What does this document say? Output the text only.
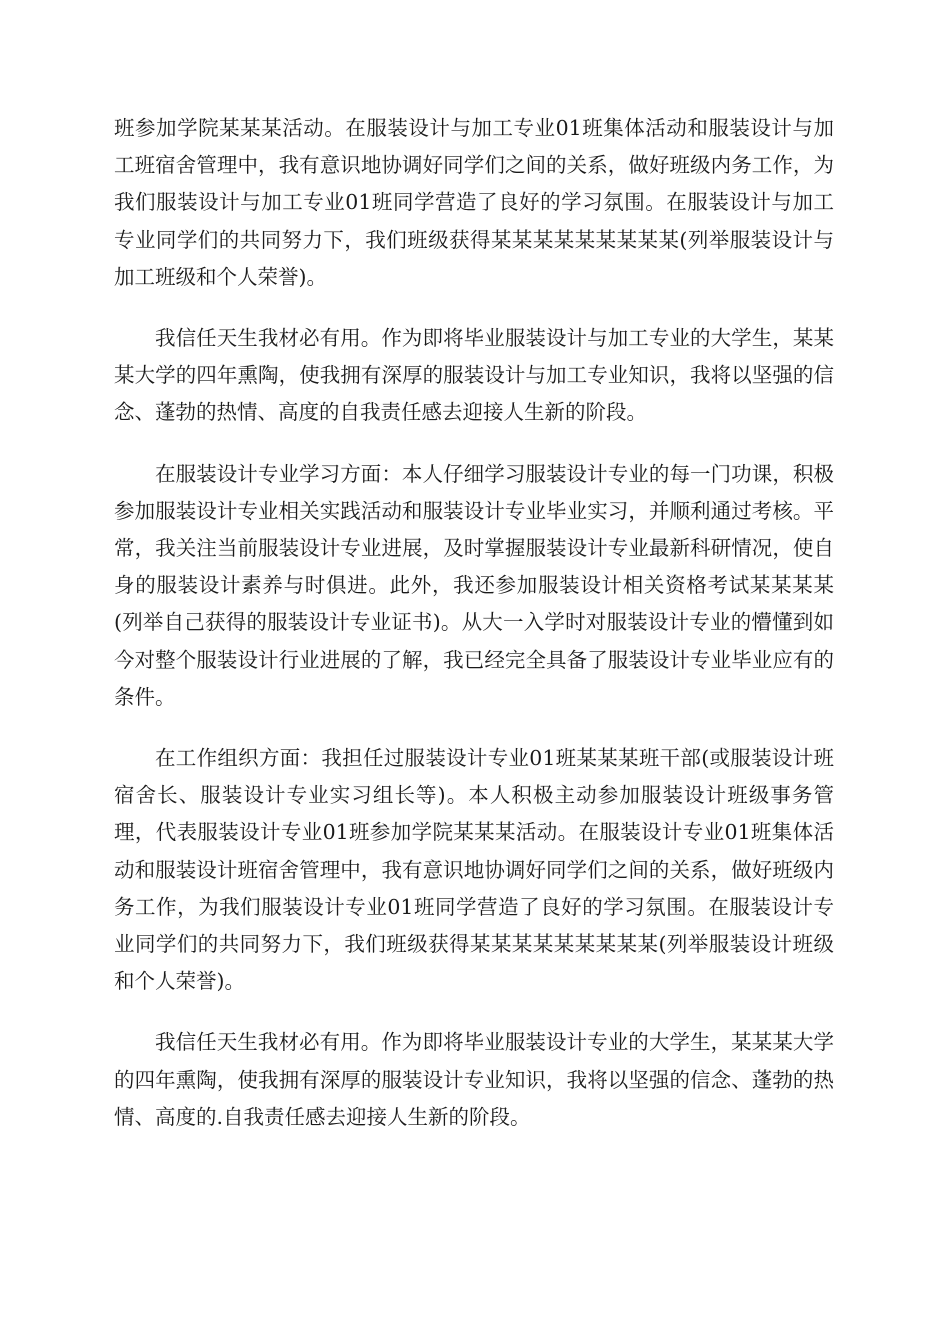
班参加学院某某某活动。在服装设计与加工专业01班集体活动和服装设计与加工班宿舍管理中，我有意识地协调好同学们之间的关系，做好班级内务工作，为我们服装设计与加工专业01班同学营造了良好的学习氛围。在服装设计与加工专业同学们的共同努力下，我们班级获得某某某某某某某某某(列举服装设计与加工班级和个人荣誉)。

我信任天生我材必有用。作为即将毕业服装设计与加工专业的大学生，某某某大学的四年熏陶，使我拥有深厚的服装设计与加工专业知识，我将以坚强的信念、蓬勃的热情、高度的自我责任感去迎接人生新的阶段。

在服装设计专业学习方面：本人仔细学习服装设计专业的每一门功课，积极参加服装设计专业相关实践活动和服装设计专业毕业实习，并顺利通过考核。平常，我关注当前服装设计专业进展，及时掌握服装设计专业最新科研情况，使自身的服装设计素养与时俱进。此外，我还参加服装设计相关资格考试某某某某(列举自己获得的服装设计专业证书)。从大一入学时对服装设计专业的懵懂到如今对整个服装设计行业进展的了解，我已经完全具备了服装设计专业毕业应有的条件。

在工作组织方面：我担任过服装设计专业01班某某某班干部(或服装设计班宿舍长、服装设计专业实习组长等)。本人积极主动参加服装设计班级事务管理，代表服装设计专业01班参加学院某某某活动。在服装设计专业01班集体活动和服装设计班宿舍管理中，我有意识地协调好同学们之间的关系，做好班级内务工作，为我们服装设计专业01班同学营造了良好的学习氛围。在服装设计专业同学们的共同努力下，我们班级获得某某某某某某某某某(列举服装设计班级和个人荣誉)。

我信任天生我材必有用。作为即将毕业服装设计专业的大学生，某某某大学的四年熏陶，使我拥有深厚的服装设计专业知识，我将以坚强的信念、蓬勃的热情、高度的.自我责任感去迎接人生新的阶段。
